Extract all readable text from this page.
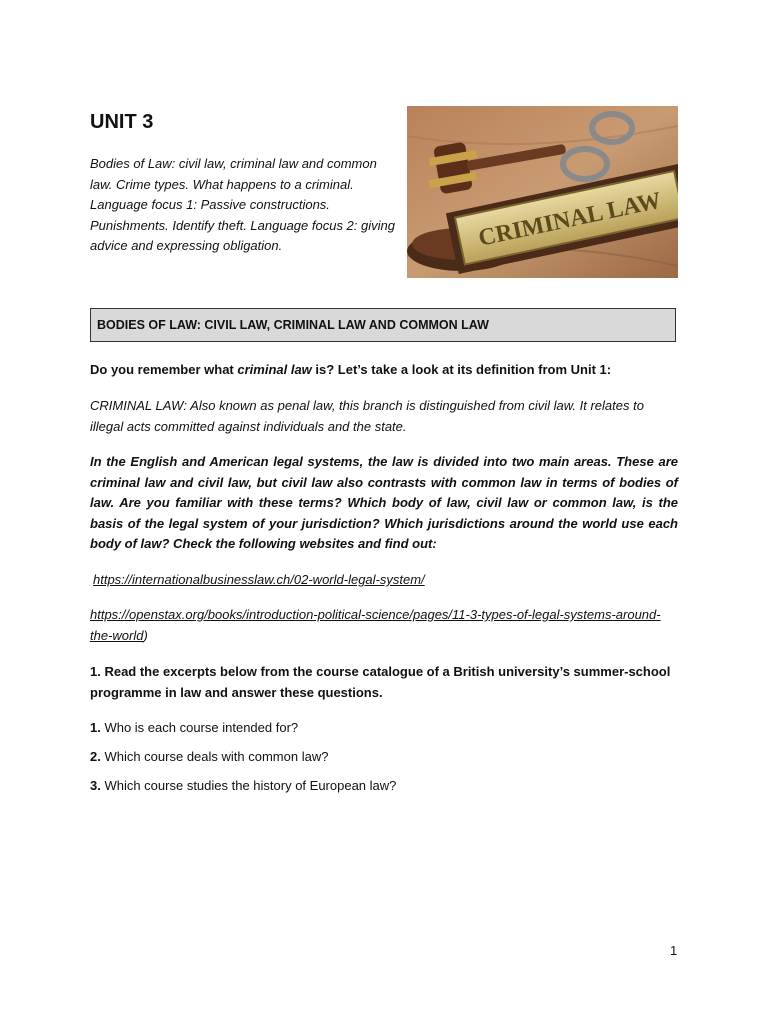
UNIT 3

Bodies of Law: civil law, criminal law and common law. Crime types. What happens to a criminal. Language focus 1: Passive constructions. Punishments. Identify theft. Language focus 2: giving advice and expressing obligation.	CRIMINAL LAW
BODIES OF LAW: CIVIL LAW, CRIMINAL LAW AND COMMON LAW

Do you remember what criminal law is? Let’s take a look at its definition from Unit 1:

CRIMINAL LAW: Also known as penal law, this branch is distinguished from civil law. It relates to illegal acts committed against individuals and the state.

In the English and American legal systems, the law is divided into two main areas. These are criminal law and civil law, but civil law also contrasts with common law in terms of bodies of law. Are you familiar with these terms? Which body of law, civil law or common law, is the basis of the legal system of your jurisdiction? Which jurisdictions around the world use each body of law? Check the following websites and find out:

https://internationalbusinesslaw.ch/02-world-legal-system/

https://openstax.org/books/introduction-political-science/pages/11-3-types-of-legal-systems-around-the-world)

1. Read the excerpts below from the course catalogue of a British university’s summer-school programme in law and answer these questions.

1. Who is each course intended for?

2. Which course deals with common law?

3. Which course studies the history of European law?

1
